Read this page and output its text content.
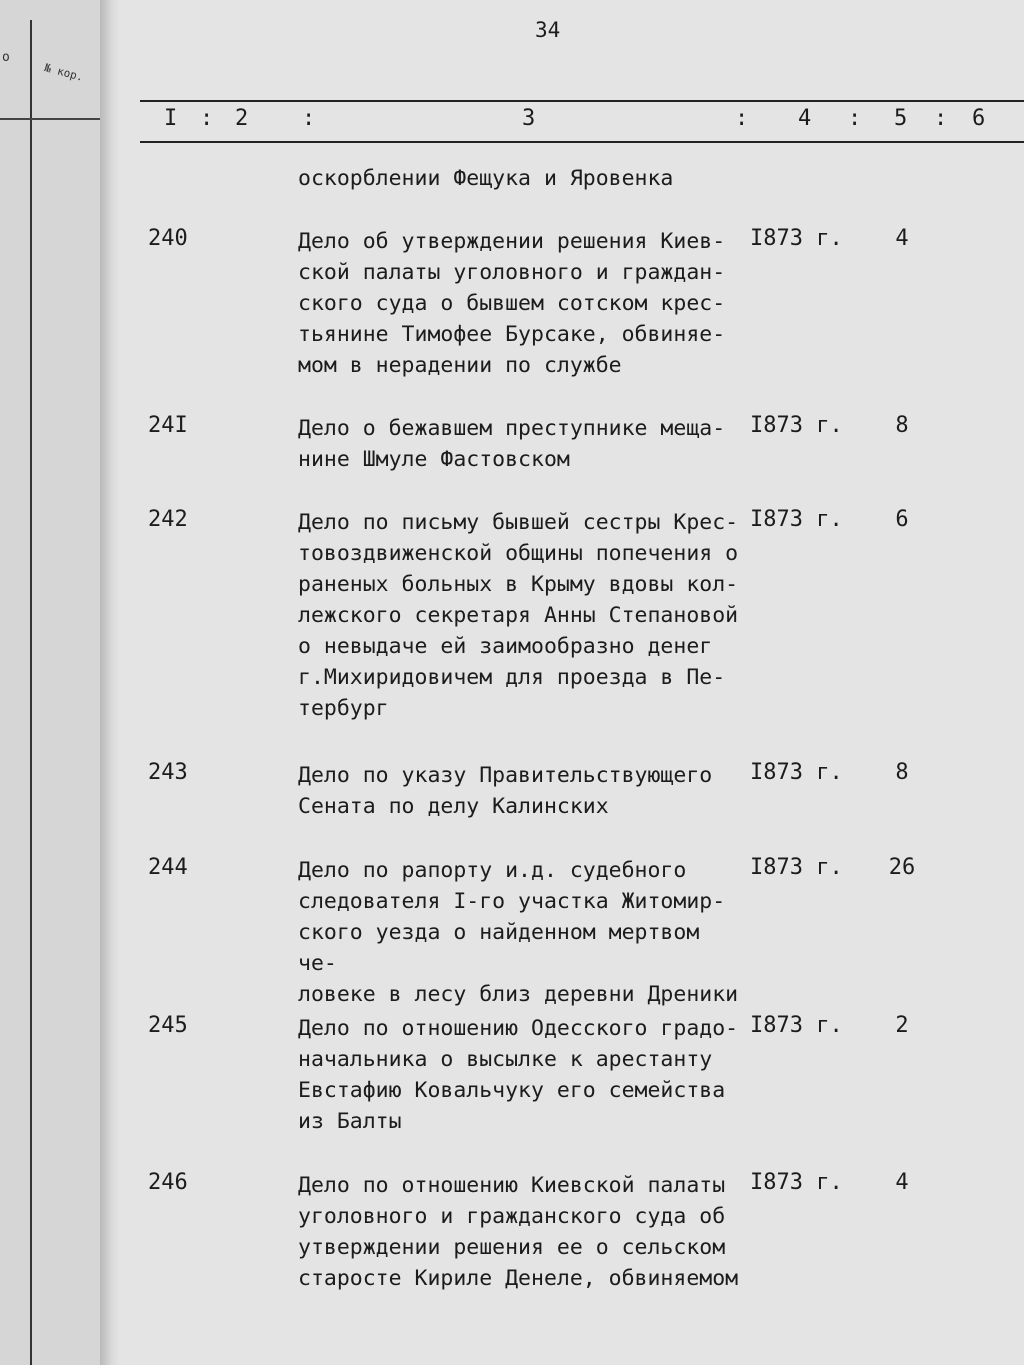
о
№ кор.
34
I : 2 :	3	: 4 : 5 : 6
оскорблении Фещука и Яровенка
240	Дело об утверждении решения Киев-
ской палаты уголовного и граждан-
ского суда о бывшем сотском крес-
тьянине Тимофее Бурсаке, обвиняе-
мом в нерадении по службе
I873 г.	4
24I	Дело о бежавшем преступнике меща-
нине Шмуле Фастовском
I873 г.	8
242	Дело по письму бывшей сестры Крес-
товоздвиженской общины попечения о
раненых больных в Крыму вдовы кол-
лежского секретаря Анны Степановой
о невыдаче ей заимообразно денег
г.Михиридовичем для проезда в Пе-
тербург
I873 г.	6
243	Дело по указу Правительствующего
Сената по делу Калинских
I873 г.	8
244	Дело по рапорту и.д. судебного
следователя I-го участка Житомир-
ского уезда о найденном мертвом че-
ловеке в лесу близ деревни Дреники
I873 г.	26
245	Дело по отношению Одесского градо-
начальника о высылке к арестанту
Евстафию Ковальчуку его семейства
из Балты
I873 г.	2
246	Дело по отношению Киевской палаты
уголовного и гражданского суда об
утверждении решения ее о сельском
старосте Кириле Денеле, обвиняемом
I873 г.	4
